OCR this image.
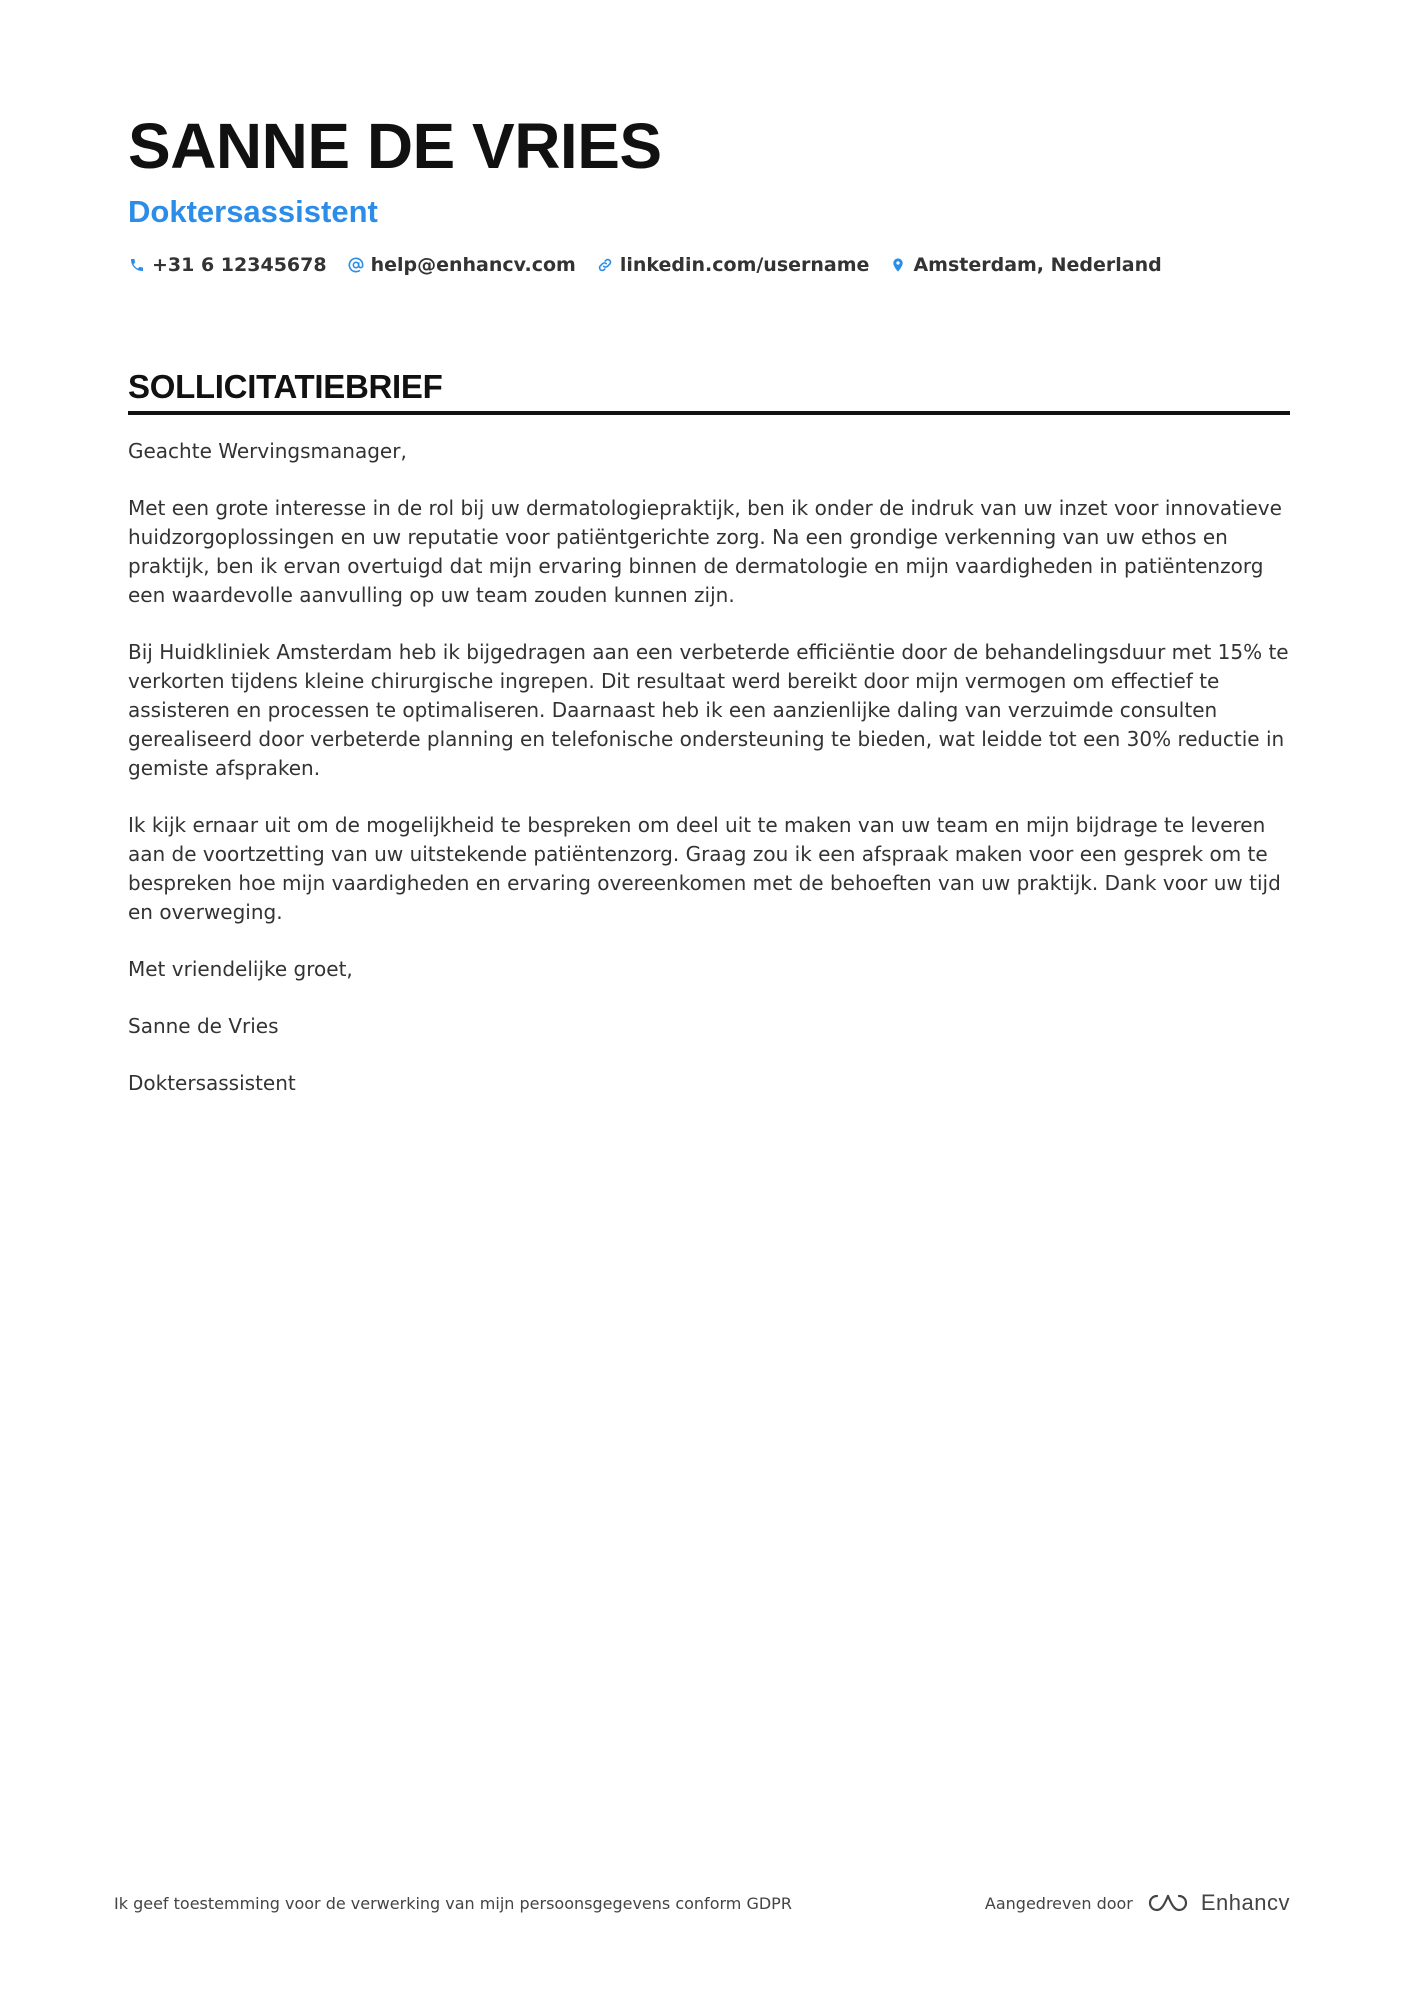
SANNE DE VRIES
Doktersassistent
+31 6 12345678 help@enhancv.com linkedin.com/username Amsterdam, Nederland
SOLLICITATIEBRIEF

Geachte Wervingsmanager,

Met een grote interesse in de rol bij uw dermatologiepraktijk, ben ik onder de indruk van uw inzet voor innovatieve huidzorgoplossingen en uw reputatie voor patiëntgerichte zorg. Na een grondige verkenning van uw ethos en praktijk, ben ik ervan overtuigd dat mijn ervaring binnen de dermatologie en mijn vaardigheden in patiëntenzorg een waardevolle aanvulling op uw team zouden kunnen zijn.

Bij Huidkliniek Amsterdam heb ik bijgedragen aan een verbeterde efficiëntie door de behandelingsduur met 15% te verkorten tijdens kleine chirurgische ingrepen. Dit resultaat werd bereikt door mijn vermogen om effectief te assisteren en processen te optimaliseren. Daarnaast heb ik een aanzienlijke daling van verzuimde consulten gerealiseerd door verbeterde planning en telefonische ondersteuning te bieden, wat leidde tot een 30% reductie in gemiste afspraken.

Ik kijk ernaar uit om de mogelijkheid te bespreken om deel uit te maken van uw team en mijn bijdrage te leveren aan de voortzetting van uw uitstekende patiëntenzorg. Graag zou ik een afspraak maken voor een gesprek om te bespreken hoe mijn vaardigheden en ervaring overeenkomen met de behoeften van uw praktijk. Dank voor uw tijd en overweging.

Met vriendelijke groet,

Sanne de Vries

Doktersassistent

Ik geef toestemming voor de verwerking van mijn persoonsgegevens conform GDPR	Aangedreven door	Enhancv
